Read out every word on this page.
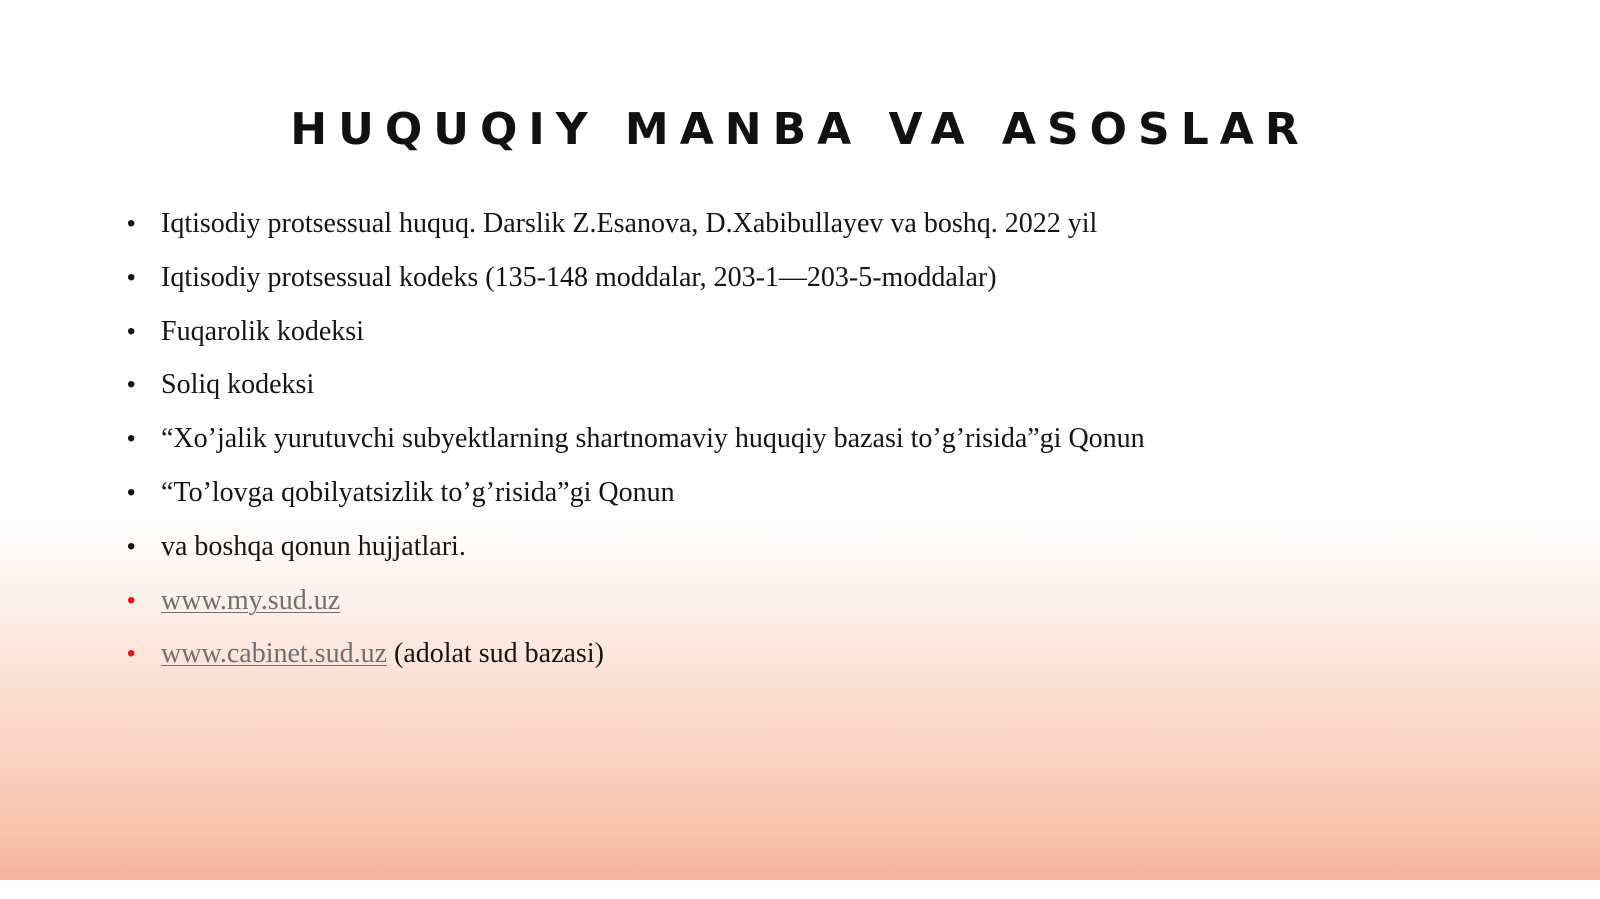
HUQUQIY MANBA VA ASOSLAR
• Iqtisodiy protsessual huquq. Darslik Z.Esanova, D.Xabibullayev va boshq. 2022 yil
• Iqtisodiy protsessual kodeks (135-148 moddalar, 203-1—203-5-moddalar)
• Fuqarolik kodeksi
• Soliq kodeksi
• “Xo’jalik yurutuvchi subyektlarning shartnomaviy huquqiy bazasi to’g’risida”gi Qonun
• “To’lovga qobilyatsizlik to’g’risida”gi Qonun
• va boshqa qonun hujjatlari.
• www.my.sud.uz
• www.cabinet.sud.uz (adolat sud bazasi)
